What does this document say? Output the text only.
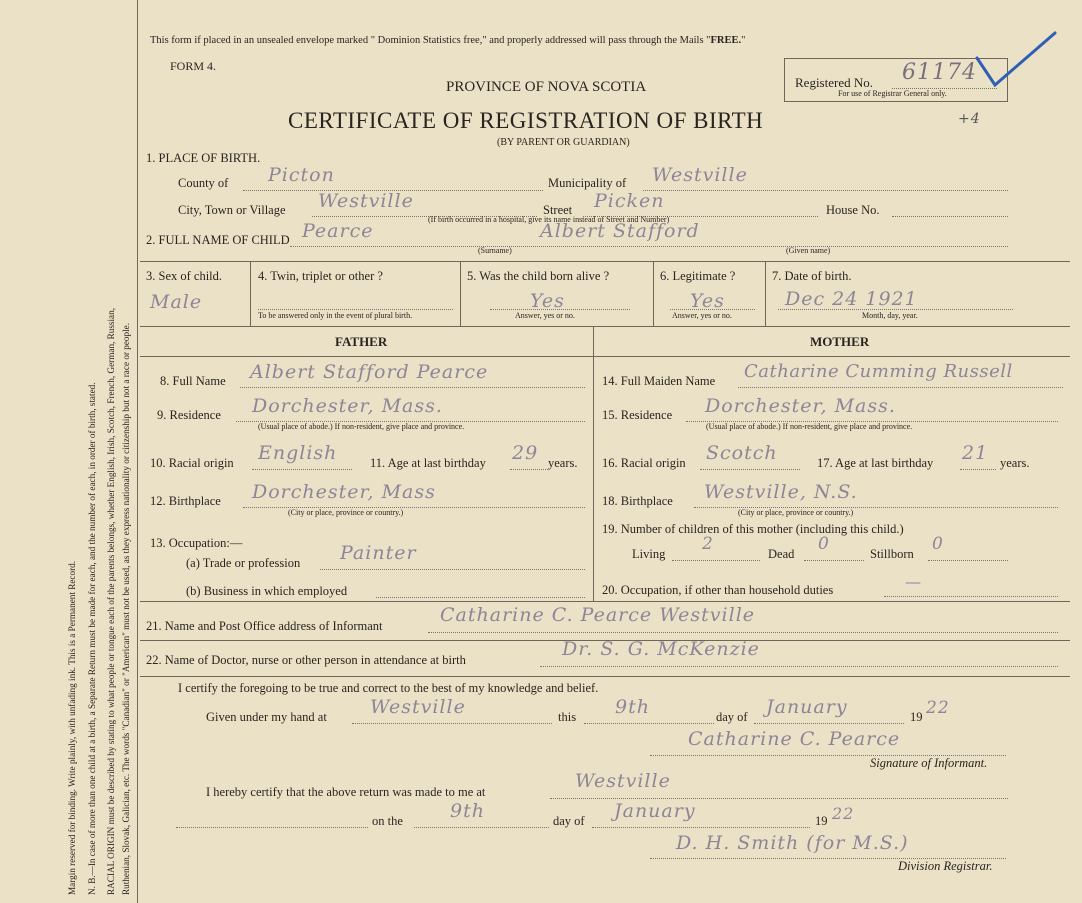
Margin reserved for binding. Write plainly, with unfading ink. This is a Permanent Record. N. B.—In case of more than one child at a birth, a Separate Return must be made for each, and the number of each, in order of birth, stated. RACIAL ORIGIN must be described by stating to what people or tongue each of the parents belongs, whether English, Irish, Scotch, French, German, Russian, Ruthenian, Slovak, Galician, etc. The words "Canadian" or "American" must not be used, as they express nationality or citizenship but not a race or people.
This form if placed in an unsealed envelope marked " Dominion Statistics free," and properly addressed will pass through the Mails "FREE."
FORM 4.
PROVINCE OF NOVA SCOTIA
CERTIFICATE OF REGISTRATION OF BIRTH
(BY PARENT OR GUARDIAN)
Registered No. 61174
For use of Registrar General only.
+4
1. PLACE OF BIRTH.
County of Picton	Municipality of Westville
City, Town or Village Westville	Street Picken	House No.
(If birth occurred in a hospital, give its name instead of Street and Number)
2. FULL NAME OF CHILD Pearce	Albert Stafford
(Surname)	(Given name)
3. Sex of child.
Male
4. Twin, triplet or other ?
To be answered only in the event of plural birth.
5. Was the child born alive ?
Yes
Answer, yes or no.
6. Legitimate ?
Yes
Answer, yes or no.
7. Date of birth.
Dec 24 1921
Month, day, year.
FATHER	MOTHER
8. Full Name Albert Stafford Pearce
9. Residence Dorchester, Mass.
(Usual place of abode.) If non-resident, give place and province.
10. Racial origin English	11. Age at last birthday 29 years.
12. Birthplace Dorchester, Mass
(City or place, province or country.)
13. Occupation:—
(a) Trade or profession Painter
(b) Business in which employed
14. Full Maiden Name Catharine Cumming Russell
15. Residence Dorchester, Mass.
(Usual place of abode.) If non-resident, give place and province.
16. Racial origin Scotch	17. Age at last birthday 21 years.
18. Birthplace Westville, N.S.
(City or place, province or country.)
19. Number of children of this mother (including this child.)
Living 2	Dead 0	Stillborn 0
20. Occupation, if other than household duties	—
21. Name and Post Office address of Informant	Catharine C. Pearce Westville
22. Name of Doctor, nurse or other person in attendance at birth	Dr. S. G. McKenzie
I certify the foregoing to be true and correct to the best of my knowledge and belief.
Given under my hand at Westville	this 9th	day of January	19 22
Catharine C. Pearce
Signature of Informant.
I hereby certify that the above return was made to me at	Westville
on the 9th	day of January	19 22
D. H. Smith (for M.S.)
Division Registrar.
